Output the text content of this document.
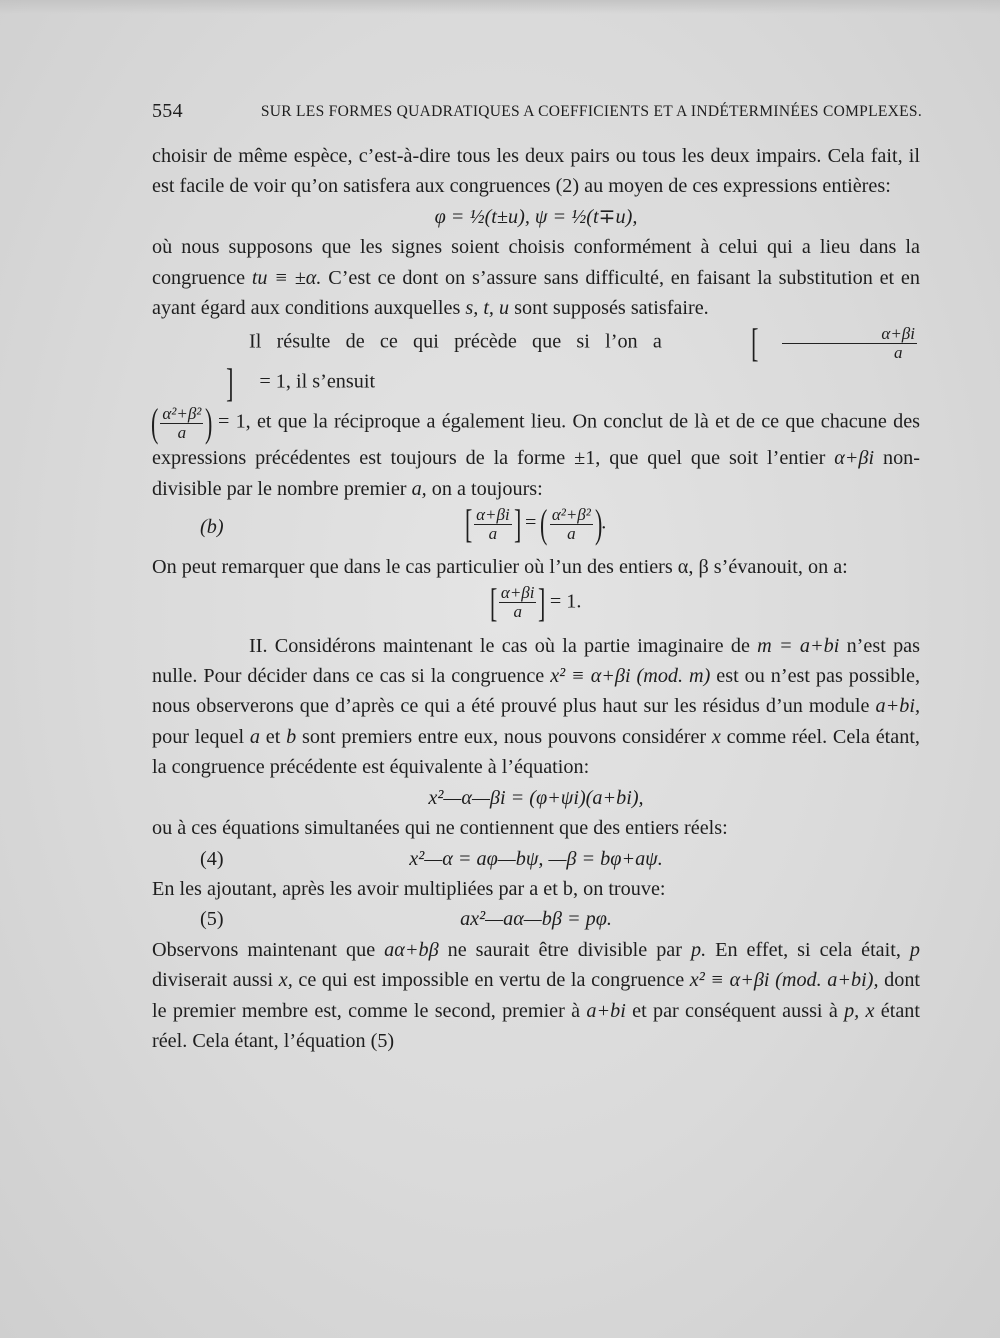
554	SUR LES FORMES QUADRATIQUES A COEFFICIENTS ET A INDÉTERMINÉES COMPLEXES.

choisir de même espèce, c’est-à-dire tous les deux pairs ou tous les deux impairs. Cela fait, il est facile de voir qu’on satisfera aux congruences (2) au moyen de ces expressions entières:

φ = ½(t±u), ψ = ½(t∓u),

où nous supposons que les signes soient choisis conformément à celui qui a lieu dans la congruence tu ≡ ±α. C’est ce dont on s’assure sans difficulté, en faisant la substitution et en ayant égard aux conditions auxquelles s, t, u sont supposés satisfaire.

Il résulte de ce qui précède que si l’on a [ $\frac{\alpha+\beta i}{a}$
] = 1, il s’ensuit

(
$\frac{\text{α²+β²}}{a}$
) = 1, et que la réciproque a également lieu. On conclut de là et de ce que chacune des expressions précédentes est toujours de la forme ±1, que quel que soit l’entier α+βi non-divisible par le nombre premier a, on a toujours:

(b)	[
$\frac{\alpha+\beta i}{a}$
] = (
$\frac{\text{α²+β²}}{a}$
).

On peut remarquer que dans le cas particulier où l’un des entiers α, β s’évanouit, on a:

[
$\frac{\alpha+\beta i}{a}$
] = 1.

II. Considérons maintenant le cas où la partie imaginaire de m = a+bi n’est pas nulle. Pour décider dans ce cas si la congruence x² ≡ α+βi (mod. m) est ou n’est pas possible, nous observerons que d’après ce qui a été prouvé plus haut sur les résidus d’un module a+bi, pour lequel a et b sont premiers entre eux, nous pouvons considérer x comme réel. Cela étant, la congruence précédente est équivalente à l’équation:

x²—α—βi = (φ+ψi)(a+bi),

ou à ces équations simultanées qui ne contiennent que des entiers réels:

(4)	x²—α = aφ—bψ, —β = bφ+aψ.

En les ajoutant, après les avoir multipliées par a et b, on trouve:

(5)	ax²—aα—bβ = pφ.

Observons maintenant que aα+bβ ne saurait être divisible par p. En effet, si cela était, p diviserait aussi x, ce qui est impossible en vertu de la congruence x² ≡ α+βi (mod. a+bi), dont le premier membre est, comme le second, premier à a+bi et par conséquent aussi à p, x étant réel. Cela étant, l’équation (5)
